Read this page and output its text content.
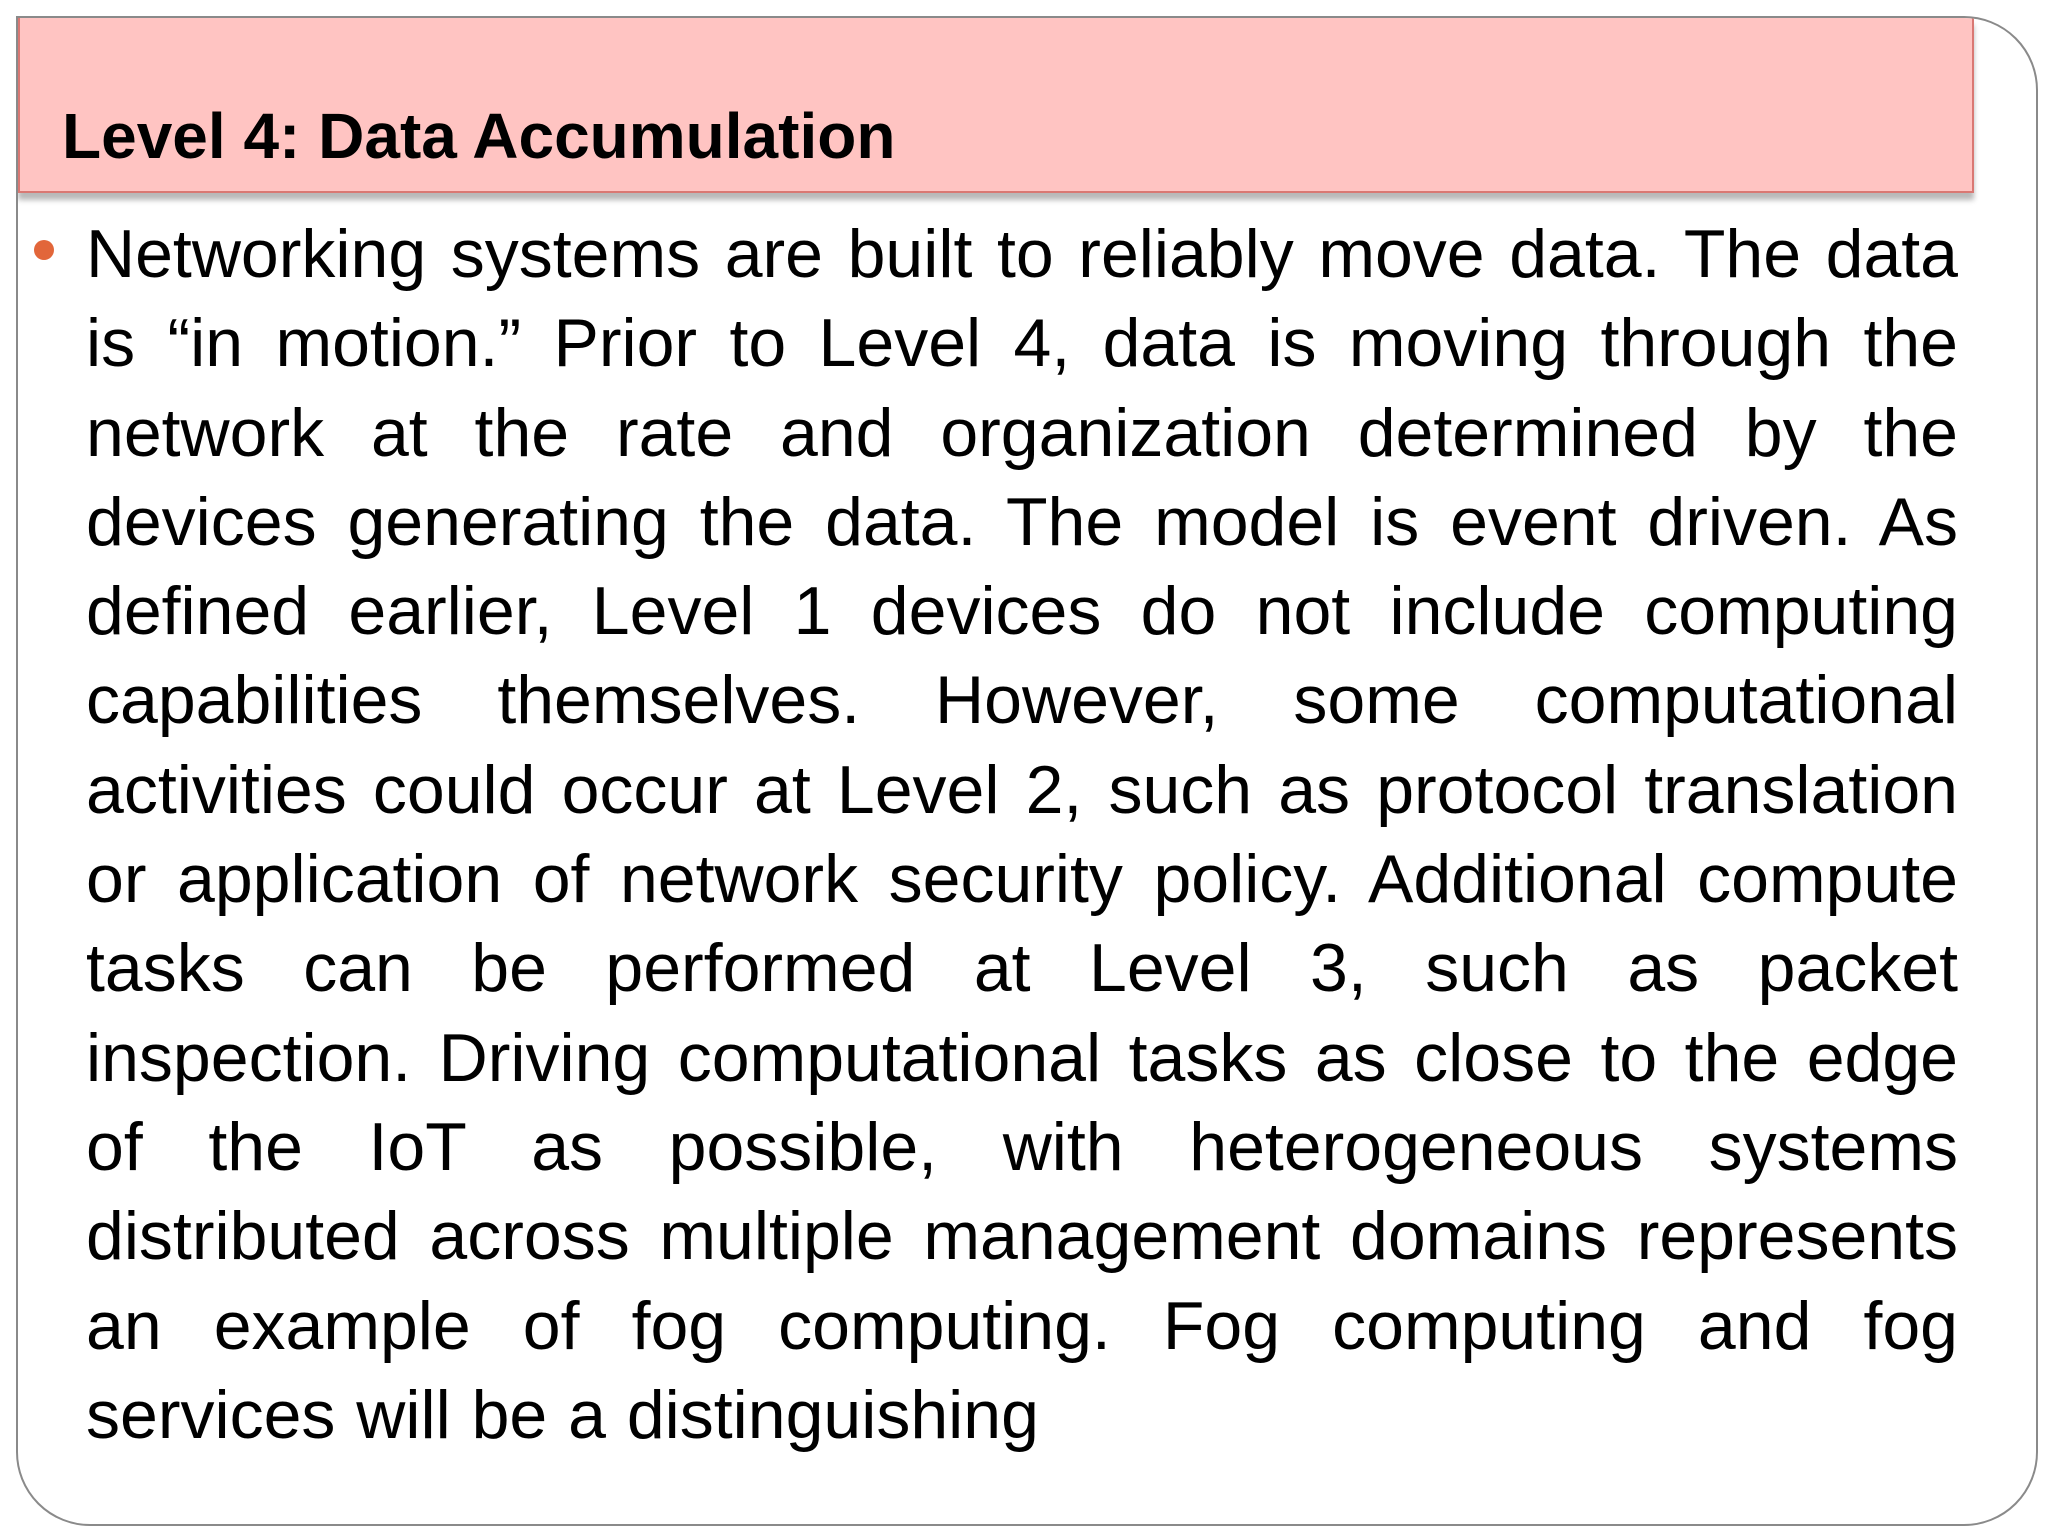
Level 4: Data Accumulation

Networking systems are built to reliably move data. The data is “in motion.” Prior to Level 4, data is moving through the network at the rate and organization determined by the devices generating the data. The model is event driven. As defined earlier, Level 1 devices do not include computing capabilities themselves. However, some computational activities could occur at Level 2, such as protocol translation or application of network security policy. Additional compute tasks can be performed at Level 3, such as packet inspection. Driving computational tasks as close to the edge of the IoT as possible, with heterogeneous systems distributed across multiple management domains represents an example of fog computing. Fog computing and fog services will be a distinguishing
